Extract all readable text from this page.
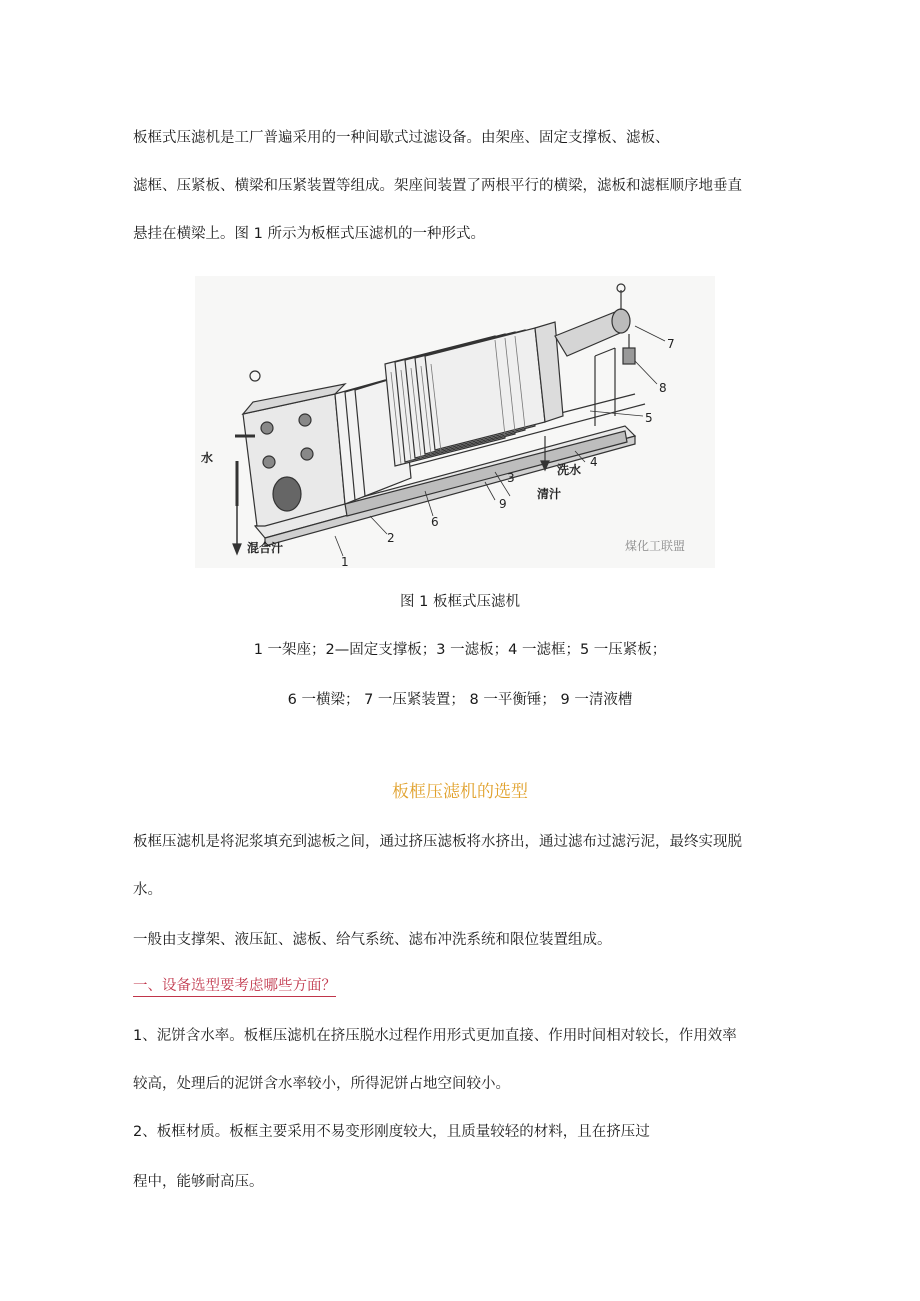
板框式压滤机是工厂普遍采用的一种间歇式过滤设备。由架座、固定支撑板、滤板、
滤框、压紧板、横梁和压紧装置等组成。架座间装置了两根平行的横梁，滤板和滤框顺序地垂直
悬挂在横梁上。图 1 所示为板框式压滤机的一种形式。
1
2
3
4
5
6
7
8
9
水
洗水
清汁
混合汁	煤化工联盟
图 1 板框式压滤机
1 一架座；2—固定支撑板；3 一滤板；4 一滤框；5 一压紧板；
6 一横梁； 7 一压紧装置； 8 一平衡锤； 9 一清液槽
板框压滤机的选型
板框压滤机是将泥浆填充到滤板之间，通过挤压滤板将水挤出，通过滤布过滤污泥，最终实现脱
水。
一般由支撑架、液压缸、滤板、给气系统、滤布冲洗系统和限位装置组成。
一、设备选型要考虑哪些方面？
1、泥饼含水率。板框压滤机在挤压脱水过程作用形式更加直接、作用时间相对较长，作用效率
较高，处理后的泥饼含水率较小，所得泥饼占地空间较小。
2、板框材质。板框主要采用不易变形刚度较大，且质量较轻的材料，且在挤压过
程中，能够耐高压。
